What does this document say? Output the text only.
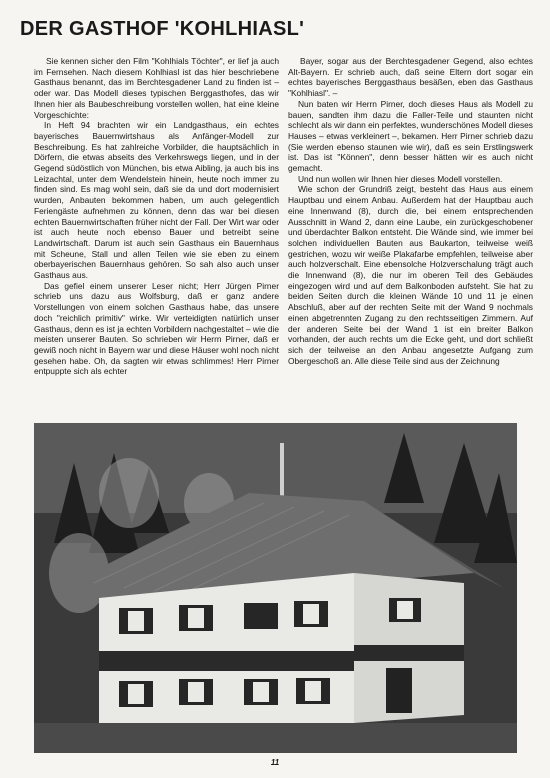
DER GASTHOF 'KOHLHIASL'

Sie kennen sicher den Film "Kohlhials Töchter", er lief ja auch im Fernsehen. Nach diesem Kohlhiasl ist das hier beschriebene Gasthaus benannt, das im Berchtesgadener Land zu finden ist – oder war. Das Modell dieses typischen Berggasthofes, das wir Ihnen hier als Baubeschreibung vorstellen wollen, hat eine kleine Vorgeschichte:

In Heft 94 brachten wir ein Landgasthaus, ein echtes bayerisches Bauernwirtshaus als Anfänger-Modell zur Beschreibung. Es hat zahlreiche Vorbilder, die hauptsächlich in Dörfern, die etwas abseits des Verkehrswegs liegen, und in der Gegend südöstlich von München, bis etwa Aibling, ja auch bis ins Leizachtal, unter dem Wendelstein hinein, heute noch immer zu finden sind. Es mag wohl sein, daß sie da und dort modernisiert wurden, Anbauten bekommen haben, um auch gelegentlich Feriengäste aufnehmen zu können, denn das war bei diesen echten Bauernwirtschaften früher nicht der Fall. Der Wirt war oder ist auch heute noch ebenso Bauer und betreibt seine Landwirtschaft. Darum ist auch sein Gasthaus ein Bauernhaus mit Scheune, Stall und allen Teilen wie sie eben zu einem oberbayerischen Bauernhaus gehören. So sah also auch unser Gasthaus aus.

Das gefiel einem unserer Leser nicht; Herr Jürgen Pirner schrieb uns dazu aus Wolfsburg, daß er ganz andere Vorstellungen von einem solchen Gasthaus habe, das unsere doch "reichlich primitiv" wirke. Wir verteidigten natürlich unser Gasthaus, denn es ist ja echten Vorbildern nachgestaltet – wie die meisten unserer Bauten. So schrieben wir Herrn Pirner, daß er gewiß noch nicht in Bayern war und diese Häuser wohl noch nicht gesehen habe. Oh, da sagten wir etwas schlimmes! Herr Pirner entpuppte sich als echter

Bayer, sogar aus der Berchtesgadener Gegend, also echtes Alt-Bayern. Er schrieb auch, daß seine Eltern dort sogar ein echtes bayerisches Berggasthaus besäßen, eben das Gasthaus "Kohlhiasl". –

Nun baten wir Herrn Pirner, doch dieses Haus als Modell zu bauen, sandten ihm dazu die Faller-Teile und staunten nicht schlecht als wir dann ein perfektes, wunderschönes Modell dieses Hauses – etwas verkleinert –, bekamen. Herr Pirner schrieb dazu (Sie werden ebenso staunen wie wir), daß es sein Erstlingswerk ist. Das ist "Können", denn besser hätten wir es auch nicht gemacht.

Und nun wollen wir Ihnen hier dieses Modell vorstellen.

Wie schon der Grundriß zeigt, besteht das Haus aus einem Hauptbau und einem Anbau. Außerdem hat der Hauptbau auch eine Innenwand (8), durch die, bei einem entsprechenden Ausschnitt in Wand 2, dann eine Laube, ein zurückgeschobener und überdachter Balkon entsteht. Die Wände sind, wie immer bei solchen individuellen Bauten aus Baukarton, teilweise weiß gestrichen, wozu wir weiße Plakafarbe empfehlen, teilweise aber auch holzverschalt. Eine ebensolche Holzverschalung trägt auch die Innenwand (8), die nur im oberen Teil des Gebäudes eingezogen wird und auf dem Balkonboden aufsteht. Sie hat zu beiden Seiten durch die kleinen Wände 10 und 11 je einen Abschluß, aber auf der rechten Seite mit der Wand 9 nochmals einen abgetrennten Zugang zu den rechtsseitigen Zimmern. Auf der anderen Seite bei der Wand 1 ist ein breiter Balkon vorhanden, der auch rechts um die Ecke geht, und dort schließt sich der teilweise an den Anbau angesetzte Aufgang zum Obergeschoß an. Alle diese Teile sind aus der Zeichnung

11
